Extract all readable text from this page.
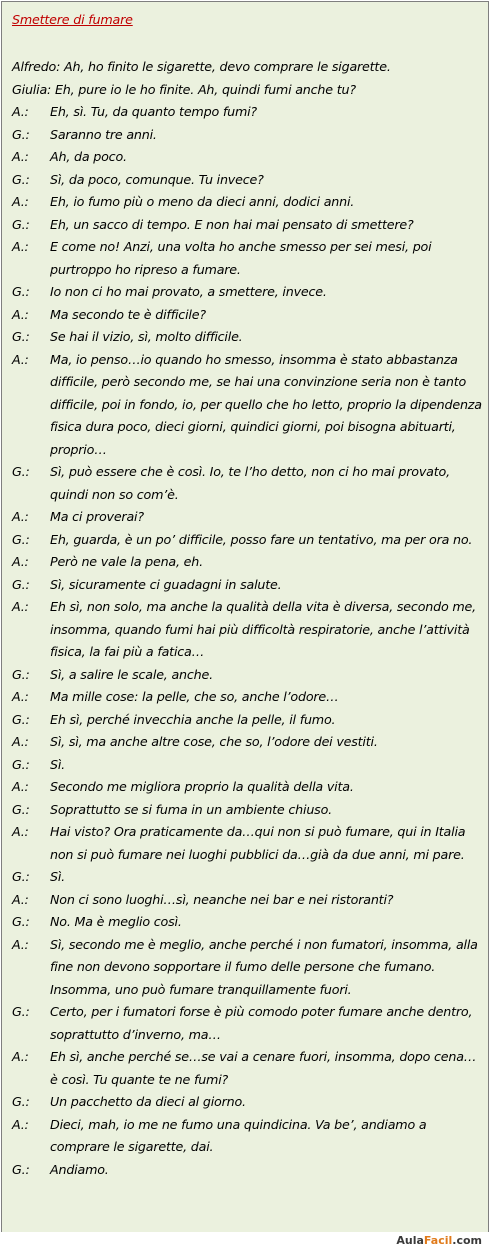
Smettere di fumare
Alfredo: Ah, ho finito le sigarette, devo comprare le sigarette.
Giulia: Eh, pure io le ho finite. Ah, quindi fumi anche tu?
A.:	Eh, sì. Tu, da quanto tempo fumi?
G.:	Saranno tre anni.
A.:	Ah, da poco.
G.:	Sì, da poco, comunque. Tu invece?
A.:	Eh, io fumo più o meno da dieci anni, dodici anni.
G.:	Eh, un sacco di tempo. E non hai mai pensato di smettere?
A.:	E come no! Anzi, una volta ho anche smesso per sei mesi, poi purtroppo ho ripreso a fumare.
G.:	Io non ci ho mai provato, a smettere, invece.
A.:	Ma secondo te è difficile?
G.:	Se hai il vizio, sì, molto difficile.
A.:	Ma, io penso…io quando ho smesso, insomma è stato abbastanza difficile, però secondo me, se hai una convinzione seria non è tanto difficile, poi in fondo, io, per quello che ho letto, proprio la dipendenza fisica dura poco, dieci giorni, quindici giorni, poi bisogna abituarti, proprio…
G.:	Sì, può essere che è così. Io, te l’ho detto, non ci ho mai provato, quindi non so com’è.
A.:	Ma ci proverai?
G.:	Eh, guarda, è un po’ difficile, posso fare un tentativo, ma per ora no.
A.:	Però ne vale la pena, eh.
G.:	Sì, sicuramente ci guadagni in salute.
A.:	Eh sì, non solo, ma anche la qualità della vita è diversa, secondo me, insomma, quando fumi hai più difficoltà respiratorie, anche l’attività fisica, la fai più a fatica…
G.:	Sì, a salire le scale, anche.
A.:	Ma mille cose: la pelle, che so, anche l’odore…
G.:	Eh sì, perché invecchia anche la pelle, il fumo.
A.:	Sì, sì, ma anche altre cose, che so, l’odore dei vestiti.
G.:	Sì.
A.:	Secondo me migliora proprio la qualità della vita.
G.:	Soprattutto se si fuma in un ambiente chiuso.
A.:	Hai visto? Ora praticamente da…qui non si può fumare, qui in Italia non si può fumare nei luoghi pubblici da…già da due anni, mi pare.
G.:	Sì.
A.:	Non ci sono luoghi…sì, neanche nei bar e nei ristoranti?
G.:	No. Ma è meglio così.
A.:	Sì, secondo me è meglio, anche perché i non fumatori, insomma, alla fine non devono sopportare il fumo delle persone che fumano. Insomma, uno può fumare tranquillamente fuori.
G.:	Certo, per i fumatori forse è più comodo poter fumare anche dentro, soprattutto d’inverno, ma…
A.:	Eh sì, anche perché se…se vai a cenare fuori, insomma, dopo cena…è così. Tu quante te ne fumi?
G.:	Un pacchetto da dieci al giorno.
A.:	Dieci, mah, io me ne fumo una quindicina. Va be’, andiamo a comprare le sigarette, dai.
G.:	Andiamo.
AulaFacil.com
